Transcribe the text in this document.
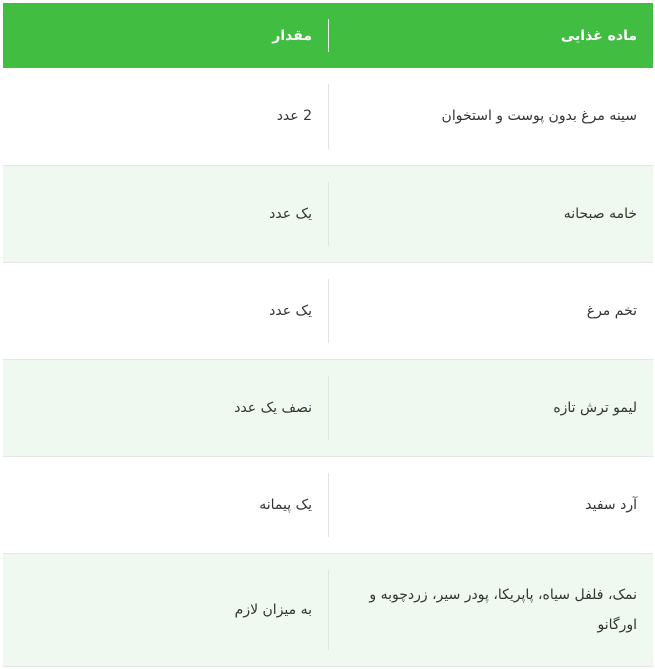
ماده غذایی	مقدار
سینه مرغ بدون پوست و استخوان	2 عدد
خامه صبحانه	یک عدد
تخم مرغ	یک عدد
لیمو ترش تازه	نصف یک عدد
آرد سفید	یک پیمانه
نمک، فلفل سیاه، پاپریکا، پودر سیر، زردچوبه و اورگانو	به میزان لازم
